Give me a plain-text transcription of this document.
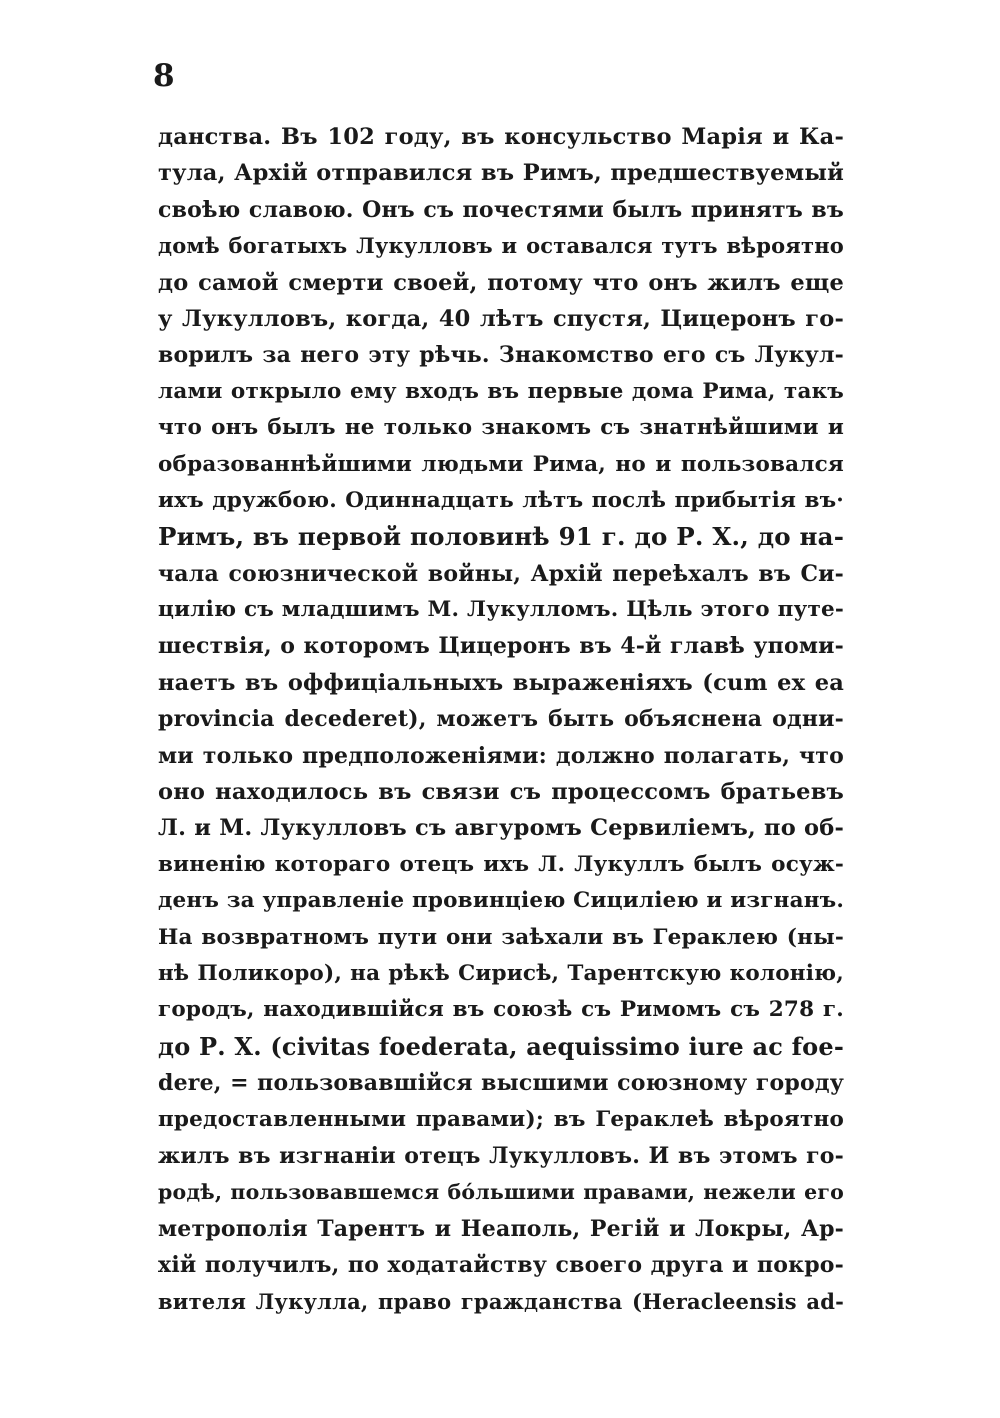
8
данства. Въ 102 году, въ консульство Марія и Ка-
тула, Архій отправился въ Римъ, предшествуемый
своѣю славою. Онъ съ почестями былъ принятъ въ
домѣ богатыхъ Лукулловъ и оставался тутъ вѣроятно
до самой смерти своей, потому что онъ жилъ еще
у Лукулловъ, когда, 40 лѣтъ спустя, Цицеронъ го-
ворилъ за него эту рѣчь. Знакомство его съ Лукул-
лами открыло ему входъ въ первые дома Рима, такъ
что онъ былъ не только знакомъ съ знатнѣйшими и
образованнѣйшими людьми Рима, но и пользовался
ихъ дружбою. Одиннадцать лѣтъ послѣ прибытія въ·
Римъ, въ первой половинѣ 91 г. до Р. Х., до на-
чала союзнической войны, Архій переѣхалъ въ Си-
цилію съ младшимъ М. Лукулломъ. Цѣль этого путе-
шествія, о которомъ Цицеронъ въ 4-й главѣ упоми-
наетъ въ оффиціальныхъ выраженіяхъ (cum ex ea
provincia decederet), можетъ быть объяснена одни-
ми только предположеніями: должно полагать, что
оно находилось въ связи съ процессомъ братьевъ
Л. и М. Лукулловъ съ авгуромъ Сервиліемъ, по об-
виненію котораго отецъ ихъ Л. Лукуллъ былъ осуж-
денъ за управленіе провинціею Сициліею и изгнанъ.
На возвратномъ пути они заѣхали въ Гераклею (ны-
нѣ Поликоро), на рѣкѣ Сирисѣ, Тарентскую колонію,
городъ, находившійся въ союзѣ съ Римомъ съ 278 г.
до Р. Х. (civitas foederata, aequissimo iure ac foe-
dere, = пользовавшійся высшими союзному городу
предоставленными правами); въ Гераклеѣ вѣроятно
жилъ въ изгнаніи отецъ Лукулловъ. И въ этомъ го-
родѣ, пользовавшемся бо́льшими правами, нежели его
метрополія Тарентъ и Неаполь, Регій и Локры, Ар-
хій получилъ, по ходатайству своего друга и покро-
вителя Лукулла, право гражданства (Heracleensis ad-
